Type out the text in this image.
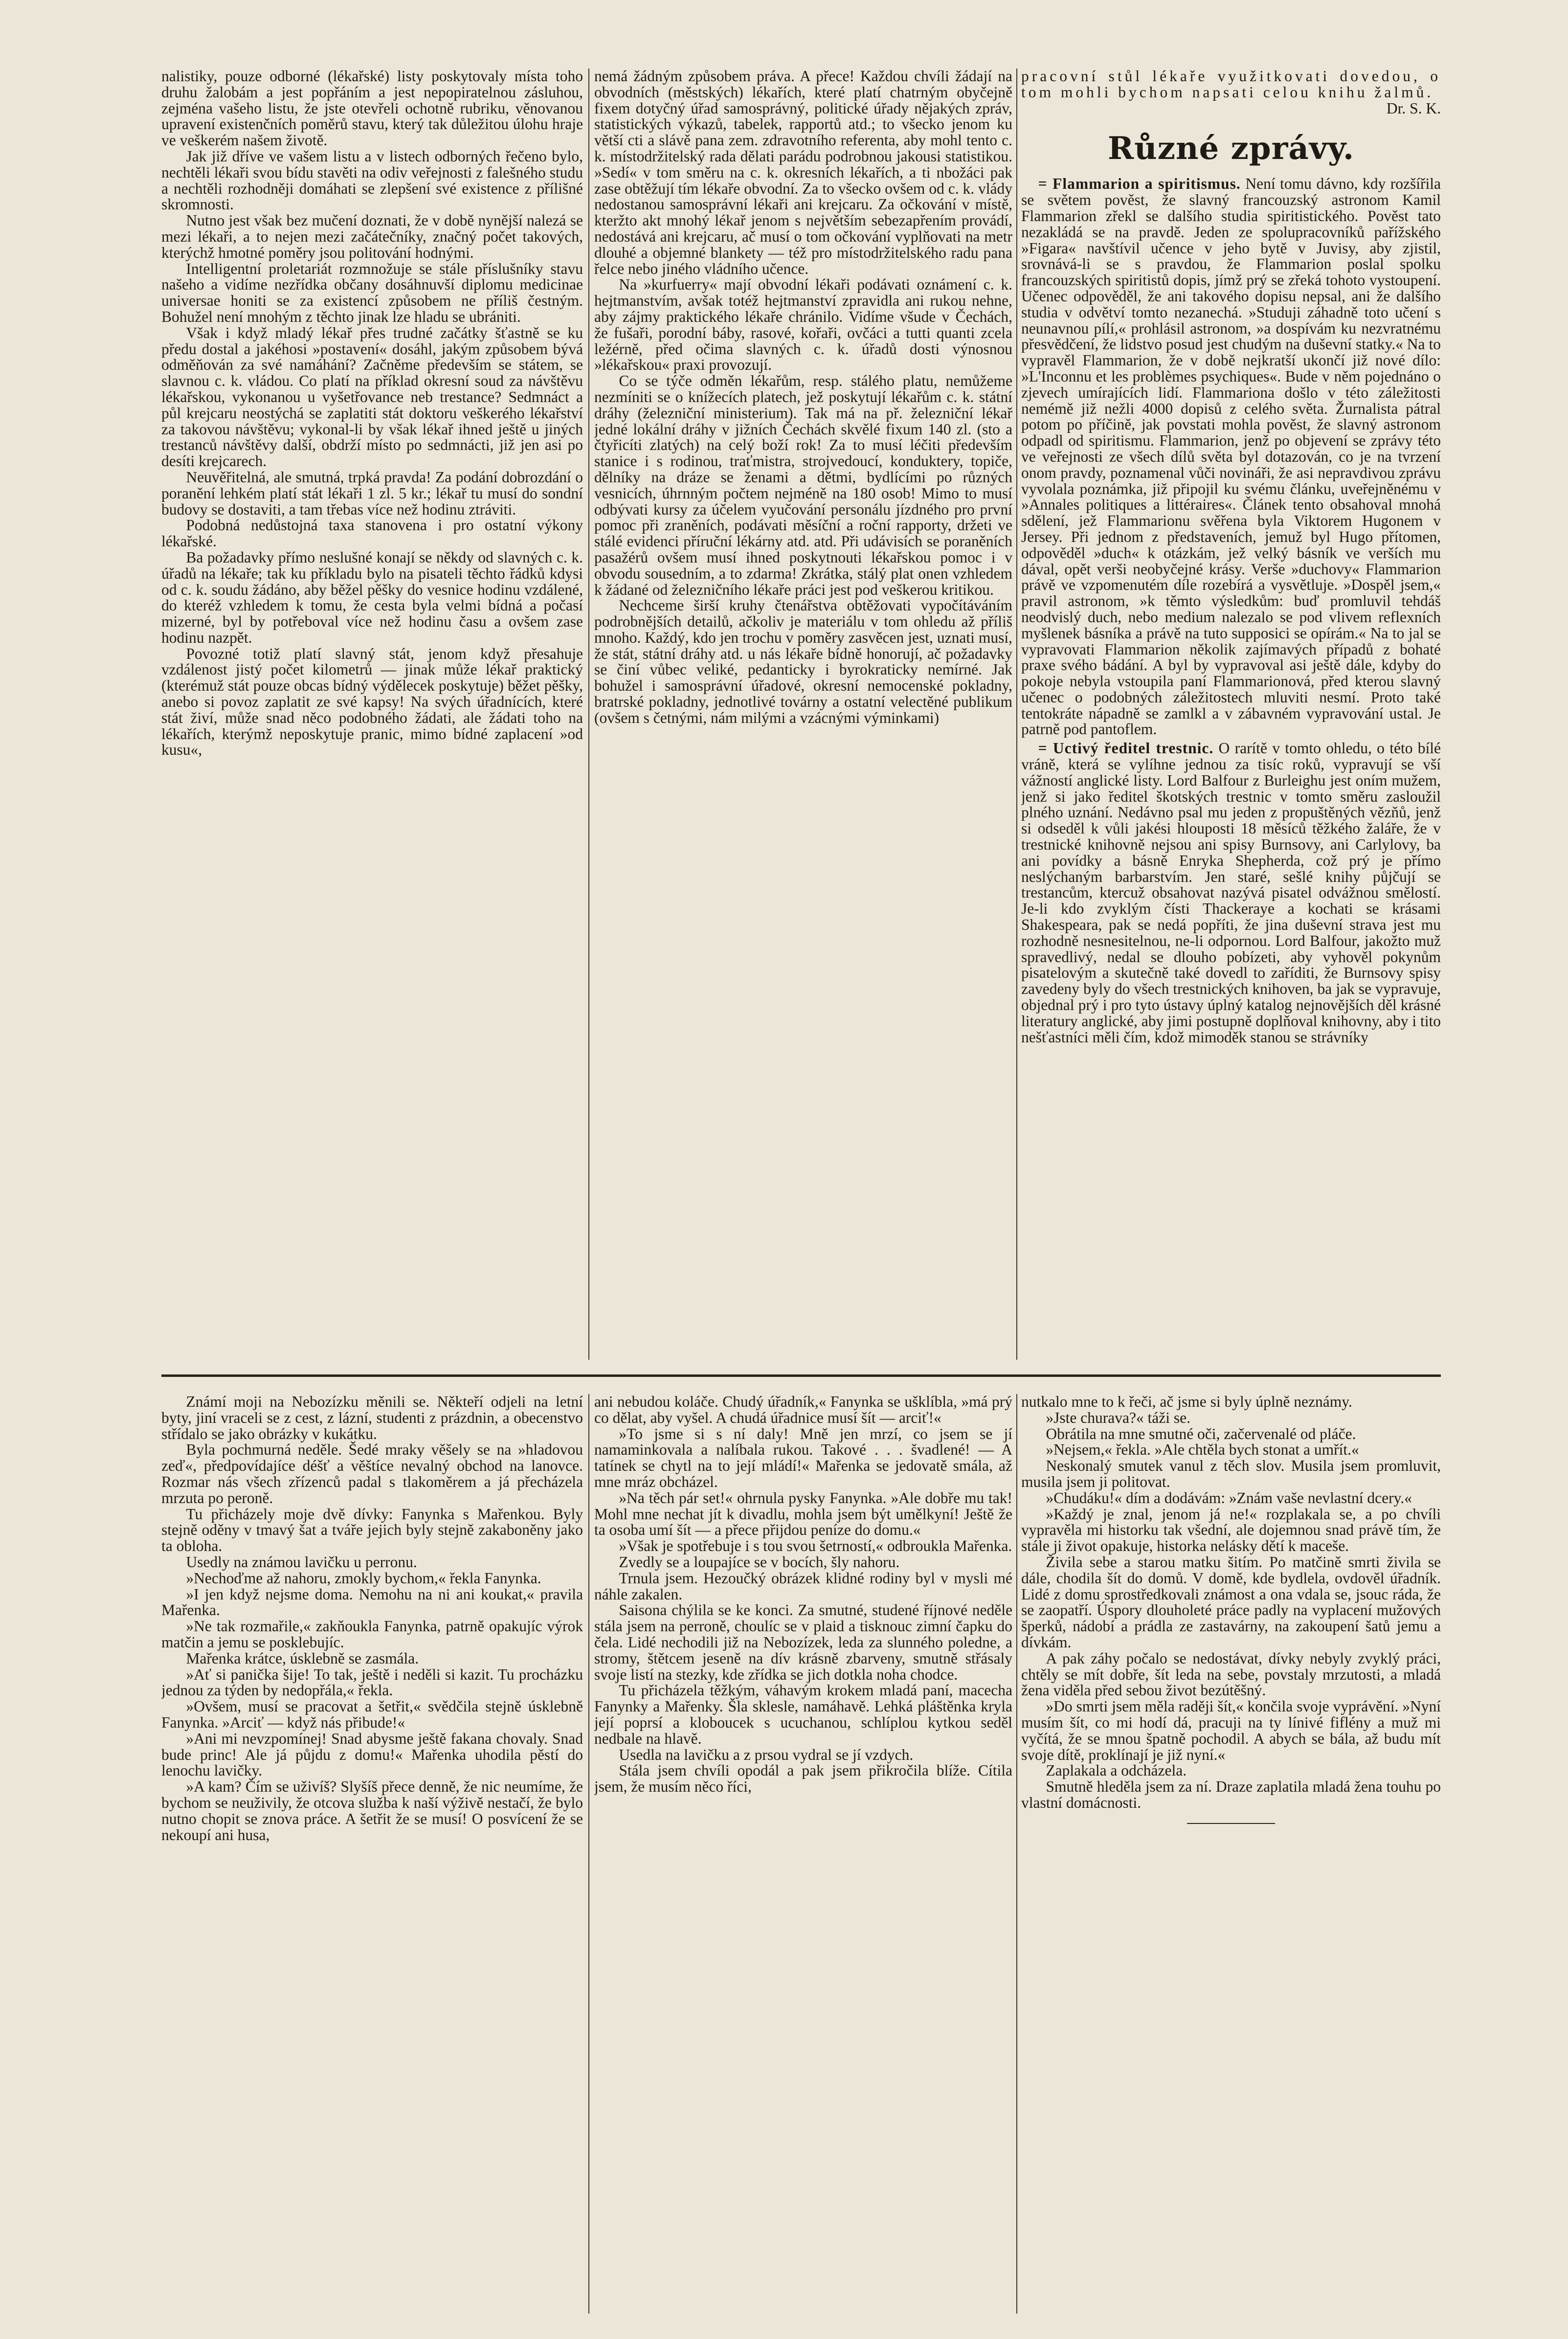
nalistiky, pouze odborné (lékařské) listy poskytovaly místa toho druhu žalobám a jest popřáním a jest nepopiratelnou zásluhou, zejména vašeho listu, že jste otevřeli ochotně rubriku, věnovanou upravení existenčních poměrů stavu, který tak důležitou úlohu hraje ve veškerém našem životě.

Jak již dříve ve vašem listu a v listech odborných řečeno bylo, nechtěli lékaři svou bídu stavěti na odiv veřejnosti z falešného studu a nechtěli rozhodněji domáhati se zlepšení své existence z přílišné skromnosti.

Nutno jest však bez mučení doznati, že v době nynější nalezá se mezi lékaři, a to nejen mezi začátečníky, značný počet takových, kterýchž hmotné poměry jsou politování hodnými.

Intelligentní proletariát rozmnožuje se stále příslušníky stavu našeho a vidíme nezřídka občany dosáhnuvší diplomu medicinae universae honiti se za existencí způsobem ne příliš čestným. Bohužel není mnohým z těchto jinak lze hladu se ubrániti.

Však i když mladý lékař přes trudné začátky šťastně se ku předu dostal a jakéhosi »postavení« dosáhl, jakým způsobem bývá odměňován za své namáhání? Začněme především se státem, se slavnou c. k. vládou. Co platí na příklad okresní soud za návštěvu lékařskou, vykonanou u vyšetřovance neb trestance? Sedmnáct a půl krejcaru neostýchá se zaplatiti stát doktoru veškerého lékařství za takovou návštěvu; vykonal-li by však lékař ihned ještě u jiných trestanců návštěvy další, obdrží místo po sedmnácti, již jen asi po desíti krejcarech.

Neuvěřitelná, ale smutná, trpká pravda! Za podání dobrozdání o poranění lehkém platí stát lékaři 1 zl. 5 kr.; lékař tu musí do sondní budovy se dostaviti, a tam třebas více než hodinu ztráviti.

Podobná nedůstojná taxa stanovena i pro ostatní výkony lékařské.

Ba požadavky přímo neslušné konají se někdy od slavných c. k. úřadů na lékaře; tak ku příkladu bylo na pisateli těchto řádků kdysi od c. k. soudu žádáno, aby běžel pěšky do vesnice hodinu vzdálené, do kteréž vzhledem k tomu, že cesta byla velmi bídná a počasí mizerné, byl by potřeboval více než hodinu času a ovšem zase hodinu nazpět.

Povozné totiž platí slavný stát, jenom když přesahuje vzdálenost jistý počet kilometrů — jinak může lékař praktický (kterémuž stát pouze obcas bídný výdělecek poskytuje) běžet pěšky, anebo si povoz zaplatit ze své kapsy! Na svých úřadnících, které stát živí, může snad něco podobného žádati, ale žádati toho na lékařích, kterýmž neposkytuje pranic, mimo bídné zaplacení »od kusu«,

nemá žádným způsobem práva. A přece! Každou chvíli žádají na obvodních (městských) lékařích, které platí chatrným obyčejně fixem dotyčný úřad samosprávný, politické úřady nějakých zpráv, statistických výkazů, tabelek, rapportů atd.; to všecko jenom ku větší cti a slávě pana zem. zdravotního referenta, aby mohl tento c. k. místodržitelský rada dělati parádu podrobnou jakousi statistikou. »Sedí« v tom směru na c. k. okresních lékařích, a ti nbožáci pak zase obtěžují tím lékaře obvodní. Za to všecko ovšem od c. k. vlády nedostanou samosprávní lékaři ani krejcaru. Za očkování v místě, kteržto akt mnohý lékař jenom s největším sebezapřením provádí, nedostává ani krejcaru, ač musí o tom očkování vyplňovati na metr dlouhé a objemné blankety — též pro místodržitelského radu pana řelce nebo jiného vládního učence.

Na »kurfuerry« mají obvodní lékaři podávati oznámení c. k. hejtmanstvím, avšak totéž hejtmanství zpravidla ani rukou nehne, aby zájmy praktického lékaře chránilo. Vidíme všude v Čechách, že fušaři, porodní báby, rasové, kořaři, ovčáci a tutti quanti zcela ležérně, před očima slavných c. k. úřadů dosti výnosnou »lékařskou« praxi provozují.

Co se týče odměn lékařům, resp. stálého platu, nemůžeme nezmíniti se o knížecích platech, jež poskytují lékařům c. k. státní dráhy (železniční ministerium). Tak má na př. železniční lékař jedné lokální dráhy v jižních Čechách skvělé fixum 140 zl. (sto a čtyřicíti zlatých) na celý boží rok! Za to musí léčiti především stanice i s rodinou, traťmistra, strojvedoucí, konduktery, topiče, dělníky na dráze se ženami a dětmi, bydlícími po různých vesnicích, úhrnným počtem nejméně na 180 osob! Mimo to musí odbývati kursy za účelem vyučování personálu jízdného pro první pomoc při zraněních, podávati měsíční a roční rapporty, držeti ve stálé evidenci příruční lékárny atd. atd. Při udávisích se poraněních pasažérů ovšem musí ihned poskytnouti lékařskou pomoc i v obvodu sousedním, a to zdarma! Zkrátka, stálý plat onen vzhledem k žádané od železničního lékaře práci jest pod veškerou kritikou.

Nechceme širší kruhy čtenářstva obtěžovati vypočítáváním podrobnějších detailů, ačkoliv je materiálu v tom ohledu až příliš mnoho. Každý, kdo jen trochu v poměry zasvěcen jest, uznati musí, že stát, státní dráhy atd. u nás lékaře bídně honorují, ač požadavky se činí vůbec veliké, pedanticky i byrokraticky nemírné. Jak bohužel i samosprávní úřadové, okresní nemocenské pokladny, bratrské pokladny, jednotlivé továrny a ostatní velectěné publikum (ovšem s četnými, nám milými a vzácnými výminkami)

pracovní stůl lékaře využitkovati dovedou, o tom mohli bychom napsati celou knihu žalmů.

Dr. S. K.

Různé zprávy.

= Flammarion a spiritismus. Není tomu dávno, kdy rozšířila se světem pověst, že slavný francouzský astronom Kamil Flammarion zřekl se dalšího studia spiritistického. Pověst tato nezakládá se na pravdě. Jeden ze spolupracovníků pařížského »Figara« navštívil učence v jeho bytě v Juvisy, aby zjistil, srovnává-li se s pravdou, že Flammarion poslal spolku francouzských spiritistů dopis, jímž prý se zřeká tohoto vystoupení. Učenec odpověděl, že ani takového dopisu nepsal, ani že dalšího studia v odvětví tomto nezanechá. »Studuji záhadně toto učení s neunavnou pílí,« prohlásil astronom, »a dospívám ku nezvratnému přesvědčení, že lidstvo posud jest chudým na duševní statky.« Na to vypravěl Flammarion, že v době nejkratší ukončí již nové dílo: »L'Inconnu et les problèmes psychiques«. Bude v něm pojednáno o zjevech umírajících lidí. Flammariona došlo v této záležitosti nemémě již nežli 4000 dopisů z celého světa. Žurnalista pátral potom po příčině, jak povstati mohla pověst, že slavný astronom odpadl od spiritismu. Flammarion, jenž po objevení se zprávy této ve veřejnosti ze všech dílů světa byl dotazován, co je na tvrzení onom pravdy, poznamenal vůči novináři, že asi nepravdivou zprávu vyvolala poznámka, již připojil ku svému článku, uveřejněnému v »Annales politiques a littéraires«. Článek tento obsahoval mnohá sdělení, jež Flammarionu svěřena byla Viktorem Hugonem v Jersey. Při jednom z představeních, jemuž byl Hugo přítomen, odpověděl »duch« k otázkám, jež velký básník ve verších mu dával, opět verši neobyčejné krásy. Verše »duchovy« Flammarion právě ve vzpomenutém díle rozebírá a vysvětluje. »Dospěl jsem,« pravil astronom, »k těmto výsledkům: buď promluvil tehdáš neodvislý duch, nebo medium nalezalo se pod vlivem reflexních myšlenek básníka a právě na tuto supposici se opírám.« Na to jal se vypravovati Flammarion několik zajímavých případů z bohaté praxe svého bádání. A byl by vypravoval asi ještě dále, kdyby do pokoje nebyla vstoupila paní Flammarionová, před kterou slavný učenec o podobných záležitostech mluviti nesmí. Proto také tentokráte nápadně se zamlkl a v zábavném vypravování ustal. Je patrně pod pantoflem.

= Uctivý ředitel trestnic. O rarítě v tomto ohledu, o této bílé vráně, která se vylíhne jednou za tisíc roků, vypravují se vší vážností anglické listy. Lord Balfour z Burleighu jest oním mužem, jenž si jako ředitel škotských trestnic v tomto směru zasloužil plného uznání. Nedávno psal mu jeden z propuštěných vězňů, jenž si odseděl k vůli jakési hlouposti 18 měsíců těžkého žaláře, že v trestnické knihovně nejsou ani spisy Burnsovy, ani Carlylovy, ba ani povídky a básně Enryka Shepherda, což prý je přímo neslýchaným barbarstvím. Jen staré, sešlé knihy půjčují se trestancům, ktercuž obsahovat nazývá pisatel odvážnou smělostí. Je-li kdo zvyklým čísti Thackeraye a kochati se krásami Shakespeara, pak se nedá popříti, že jina duševní strava jest mu rozhodně nesnesitelnou, ne-li odpornou. Lord Balfour, jakožto muž spravedlivý, nedal se dlouho pobízeti, aby vyhověl pokynům pisatelovým a skutečně také dovedl to zaříditi, že Burnsovy spisy zavedeny byly do všech trestnických knihoven, ba jak se vypravuje, objednal prý i pro tyto ústavy úplný katalog nejnovějších děl krásné literatury anglické, aby jimi postupně doplňoval knihovny, aby i tito nešťastníci měli čím, kdož mimoděk stanou se strávníky

Známí moji na Nebozízku měnili se. Někteří odjeli na letní byty, jiní vraceli se z cest, z lázní, studenti z prázdnin, a obecenstvo střídalo se jako obrázky v kukátku.

Byla pochmurná neděle. Šedé mraky věšely se na »hladovou zeď«, předpovídajíce déšť a věštíce nevalný obchod na lanovce. Rozmar nás všech zřízenců padal s tlakoměrem a já přecházela mrzuta po peroně.

Tu přicházely moje dvě dívky: Fanynka s Mařenkou. Byly stejně oděny v tmavý šat a tváře jejich byly stejně zakaboněny jako ta obloha.

Usedly na známou lavičku u perronu.

»Nechoďme až nahoru, zmokly bychom,« řekla Fanynka.

»I jen když nejsme doma. Nemohu na ni ani koukat,« pravila Mařenka.

»Ne tak rozmařile,« zakňoukla Fanynka, patrně opakujíc výrok matčin a jemu se posklebujíc.

Mařenka krátce, úsklebně se zasmála.

»Ať si panička šije! To tak, ještě i neděli si kazit. Tu procházku jednou za týden by nedopřála,« řekla.

»Ovšem, musí se pracovat a šetřit,« svědčila stejně úsklebně Fanynka. »Arciť — když nás přibude!«

»Ani mi nevzpomínej! Snad abysme ještě fakana chovaly. Snad bude princ! Ale já půjdu z domu!« Mařenka uhodila pěstí do lenochu lavičky.

»A kam? Čím se uživíš? Slyšíš přece denně, že nic neumíme, že bychom se neuživily, že otcova služba k naší výživě nestačí, že bylo nutno chopit se znova práce. A šetřit že se musí! O posvícení že se nekoupí ani husa,

ani nebudou koláče. Chudý úřadník,« Fanynka se ušklíbla, »má prý co dělat, aby vyšel. A chudá úřadnice musí šít — arciť!«

»To jsme si s ní daly! Mně jen mrzí, co jsem se jí namaminkovala a nalíbala rukou. Takové . . . švadlené! — A tatínek se chytl na to její mládí!« Mařenka se jedovatě smála, až mne mráz obcházel.

»Na těch pár set!« ohrnula pysky Fanynka. »Ale dobře mu tak! Mohl mne nechat jít k divadlu, mohla jsem být umělkyní! Ještě že ta osoba umí šít — a přece přijdou peníze do domu.«

»Však je spotřebuje i s tou svou šetrností,« odbroukla Mařenka.

Zvedly se a loupajíce se v bocích, šly nahoru.

Trnula jsem. Hezoučký obrázek klidné rodiny byl v mysli mé náhle zakalen.

Saisona chýlila se ke konci. Za smutné, studené říjnové neděle stála jsem na perroně, choulíc se v plaid a tisknouc zimní čapku do čela. Lidé nechodili již na Nebozízek, leda za slunného poledne, a stromy, štětcem jeseně na dív krásně zbarveny, smutně střásaly svoje listí na stezky, kde zřídka se jich dotkla noha chodce.

Tu přicházela těžkým, váhavým krokem mladá paní, macecha Fanynky a Mařenky. Šla sklesle, namáhavě. Lehká pláštěnka kryla její poprsí a kloboucek s ucuchanou, schlíplou kytkou seděl nedbale na hlavě.

Usedla na lavičku a z prsou vydral se jí vzdych.

Stála jsem chvíli opodál a pak jsem přikročila blíže. Cítila jsem, že musím něco říci,

nutkalo mne to k řeči, ač jsme si byly úplně neznámy.

»Jste churava?« táži se.

Obrátila na mne smutné oči, začervenalé od pláče.

»Nejsem,« řekla. »Ale chtěla bych stonat a umřít.«

Neskonalý smutek vanul z těch slov. Musila jsem promluvit, musila jsem ji politovat.

»Chudáku!« dím a dodávám: »Znám vaše nevlastní dcery.«

»Každý je znal, jenom já ne!« rozplakala se, a po chvíli vypravěla mi historku tak všední, ale dojemnou snad právě tím, že stále ji život opakuje, historka nelásky dětí k maceše.

Živila sebe a starou matku šitím. Po matčině smrti živila se dále, chodila šít do domů. V domě, kde bydlela, ovdověl úřadník. Lidé z domu sprostředkovali známost a ona vdala se, jsouc ráda, že se zaopatří. Úspory dlouholeté práce padly na vyplacení mužových šperků, nádobí a prádla ze zastavárny, na zakoupení šatů jemu a dívkám.

A pak záhy počalo se nedostávat, dívky nebyly zvyklý práci, chtěly se mít dobře, šít leda na sebe, povstaly mrzutosti, a mladá žena viděla před sebou život bezútěšný.

»Do smrti jsem měla raději šít,« končila svoje vyprávění. »Nyní musím šít, co mi hodí dá, pracuji na ty línivé fiflény a muž mi vyčítá, že se mnou špatně pochodil. A abych se bála, až budu mít svoje dítě, proklínají je již nyní.«

Zaplakala a odcházela.

Smutně hleděla jsem za ní. Draze zaplatila mladá žena touhu po vlastní domácnosti.
